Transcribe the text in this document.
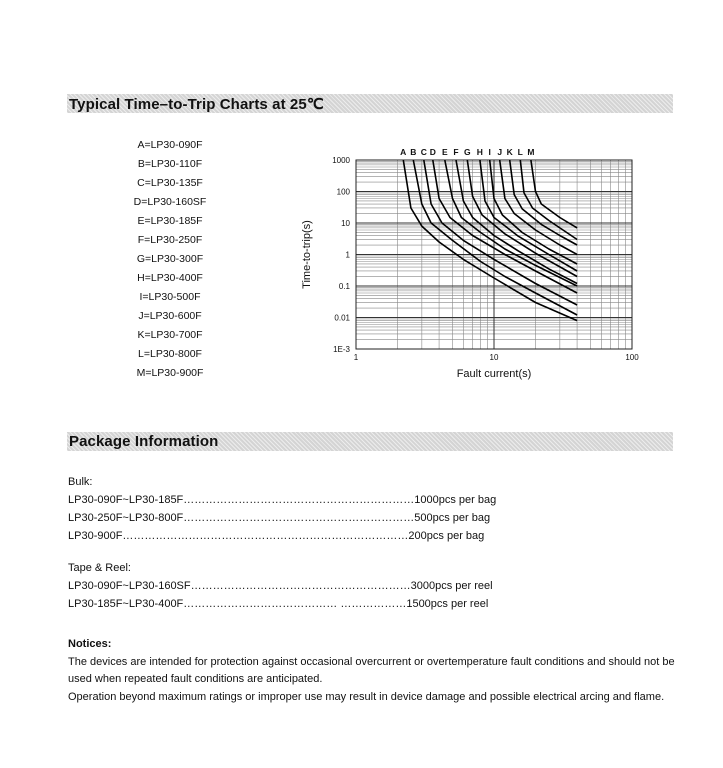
Typical Time–to-Trip Charts at 25℃
A=LP30-090F
B=LP30-110F
C=LP30-135F
D=LP30-160SF
E=LP30-185F
F=LP30-250F
G=LP30-300F
H=LP30-400F
I=LP30-500F
J=LP30-600F
K=LP30-700F
L=LP30-800F
M=LP30-900F
1E-3
0.01
0.1
1
10
100
1000
1	10	100
Fault current(s)
Time-to-trip(s)
A B C D E F G H I J K L M
Package Information
Bulk:
LP30-090F~LP30-185F………………………………………………………1000pcs per bag
LP30-250F~LP30-800F………………………………………………………500pcs per bag
LP30-900F……………………………………………………………………200pcs per bag
Tape & Reel:
LP30-090F~LP30-160SF……………………………………………………3000pcs per reel
LP30-185F~LP30-400F…………………………………… ………………1500pcs per reel
Notices:
The devices are intended for protection against occasional overcurrent or overtemperature fault conditions and should not be used when repeated fault conditions are anticipated.
Operation beyond maximum ratings or improper use may result in device damage and possible electrical arcing and flame.
